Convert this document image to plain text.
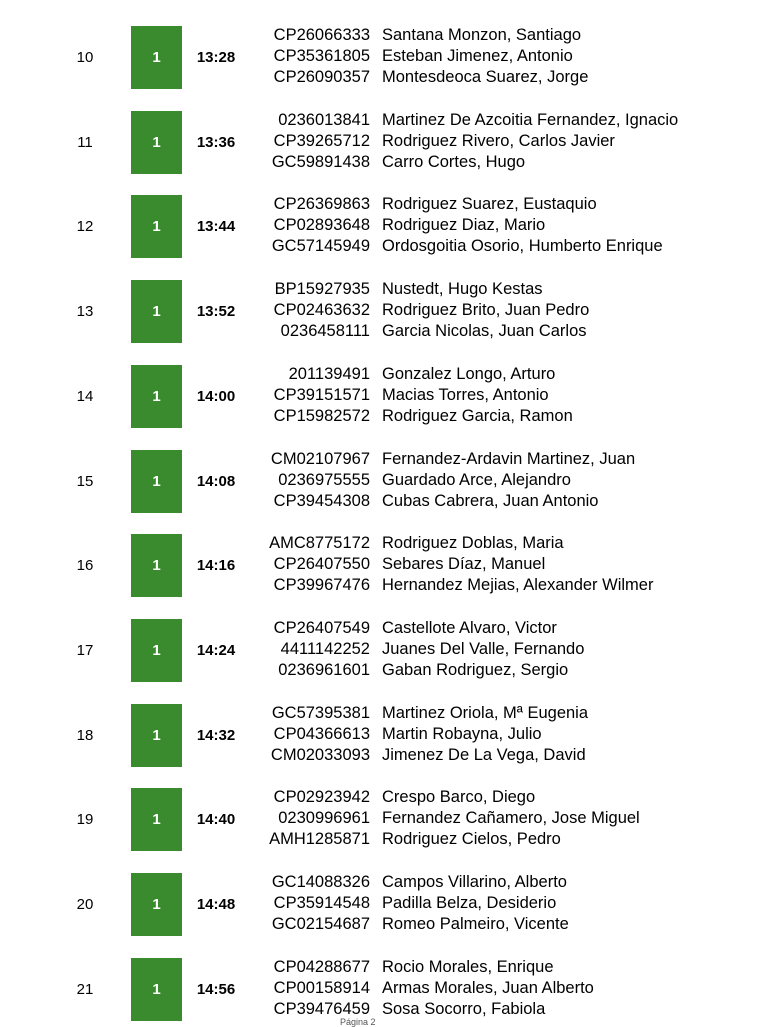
10	1	13:28
CP26066333 Santana Monzon, Santiago
CP35361805 Esteban Jimenez, Antonio
CP26090357 Montesdeoca Suarez, Jorge
11	1	13:36
0236013841 Martinez De Azcoitia Fernandez, Ignacio
CP39265712 Rodriguez Rivero, Carlos Javier
GC59891438 Carro Cortes, Hugo
12	1	13:44
CP26369863 Rodriguez Suarez, Eustaquio
CP02893648 Rodriguez Diaz, Mario
GC57145949 Ordosgoitia Osorio, Humberto Enrique
13	1	13:52
BP15927935 Nustedt, Hugo Kestas
CP02463632 Rodriguez Brito, Juan Pedro
0236458111 Garcia Nicolas, Juan Carlos
14	1	14:00
201139491 Gonzalez Longo, Arturo
CP39151571 Macias Torres, Antonio
CP15982572 Rodriguez Garcia, Ramon
15	1	14:08
CM02107967 Fernandez-Ardavin Martinez, Juan
0236975555 Guardado Arce, Alejandro
CP39454308 Cubas Cabrera, Juan Antonio
16	1	14:16
AMC8775172 Rodriguez Doblas, Maria
CP26407550 Sebares Díaz, Manuel
CP39967476 Hernandez Mejias, Alexander Wilmer
17	1	14:24
CP26407549 Castellote Alvaro, Victor
4411142252 Juanes Del Valle, Fernando
0236961601 Gaban Rodriguez, Sergio
18	1	14:32
GC57395381 Martinez Oriola, Mª Eugenia
CP04366613 Martin Robayna, Julio
CM02033093 Jimenez De La Vega, David
19	1	14:40
CP02923942 Crespo Barco, Diego
0230996961 Fernandez Cañamero, Jose Miguel
AMH1285871 Rodriguez Cielos, Pedro
20	1	14:48
GC14088326 Campos Villarino, Alberto
CP35914548 Padilla Belza, Desiderio
GC02154687 Romeo Palmeiro, Vicente
21	1	14:56
CP04288677 Rocio Morales, Enrique
CP00158914 Armas Morales, Juan Alberto
CP39476459 Sosa Socorro, Fabiola
Página 2
